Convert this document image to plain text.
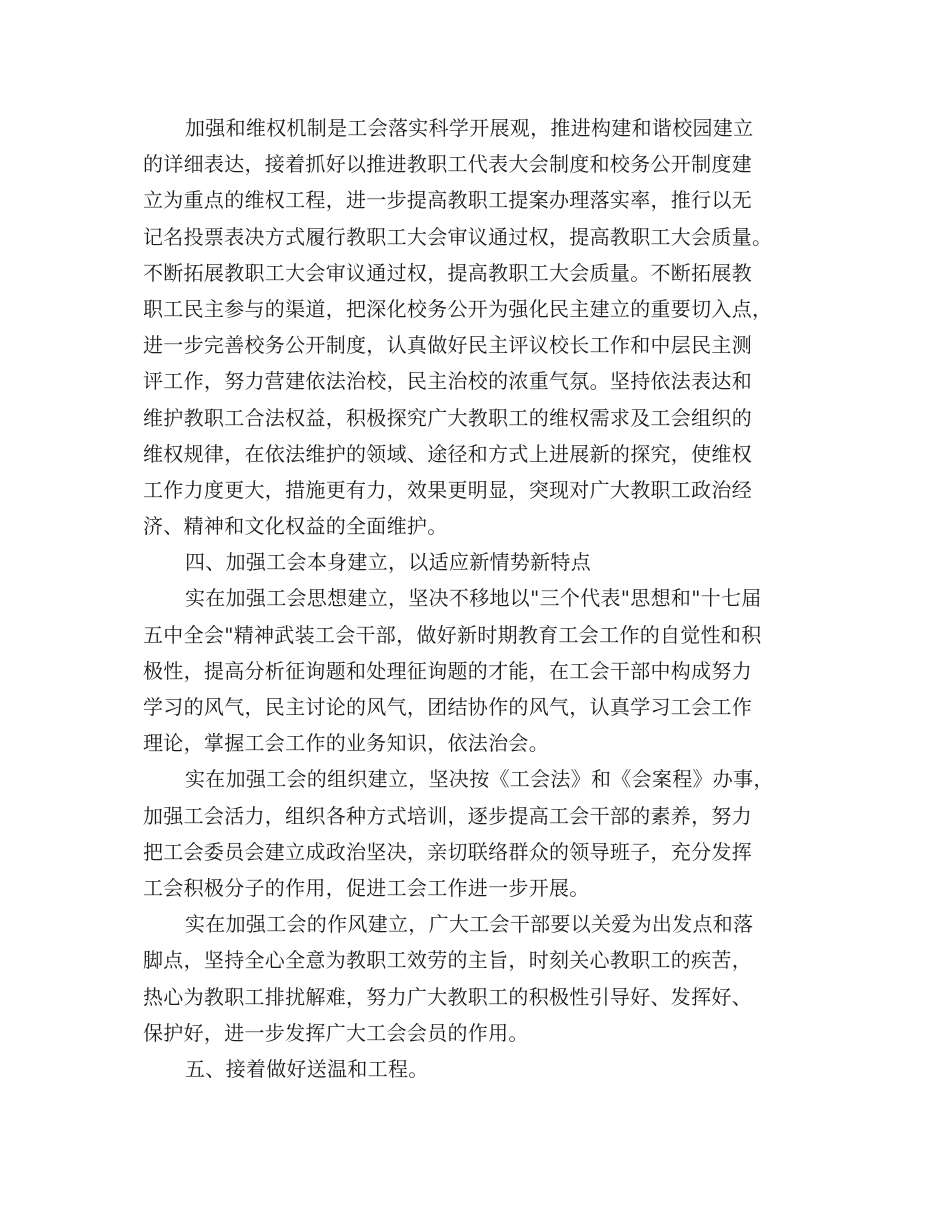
加强和维权机制是工会落实科学开展观，推进构建和谐校园建立
的详细表达，接着抓好以推进教职工代表大会制度和校务公开制度建
立为重点的维权工程，进一步提高教职工提案办理落实率，推行以无
记名投票表决方式履行教职工大会审议通过权，提高教职工大会质量。
不断拓展教职工大会审议通过权，提高教职工大会质量。不断拓展教
职工民主参与的渠道，把深化校务公开为强化民主建立的重要切入点，
进一步完善校务公开制度，认真做好民主评议校长工作和中层民主测
评工作，努力营建依法治校，民主治校的浓重气氛。坚持依法表达和
维护教职工合法权益，积极探究广大教职工的维权需求及工会组织的
维权规律，在依法维护的领域、途径和方式上进展新的探究，使维权
工作力度更大，措施更有力，效果更明显，突现对广大教职工政治经
济、精神和文化权益的全面维护。
四、加强工会本身建立，以适应新情势新特点
实在加强工会思想建立，坚决不移地以"三个代表"思想和"十七届
五中全会"精神武装工会干部，做好新时期教育工会工作的自觉性和积
极性，提高分析征询题和处理征询题的才能，在工会干部中构成努力
学习的风气，民主讨论的风气，团结协作的风气，认真学习工会工作
理论，掌握工会工作的业务知识，依法治会。
实在加强工会的组织建立，坚决按《工会法》和《会案程》办事，
加强工会活力，组织各种方式培训，逐步提高工会干部的素养，努力
把工会委员会建立成政治坚决，亲切联络群众的领导班子，充分发挥
工会积极分子的作用，促进工会工作进一步开展。
实在加强工会的作风建立，广大工会干部要以关爱为出发点和落
脚点，坚持全心全意为教职工效劳的主旨，时刻关心教职工的疾苦，
热心为教职工排扰解难，努力广大教职工的积极性引导好、发挥好、
保护好，进一步发挥广大工会会员的作用。
五、接着做好送温和工程。
